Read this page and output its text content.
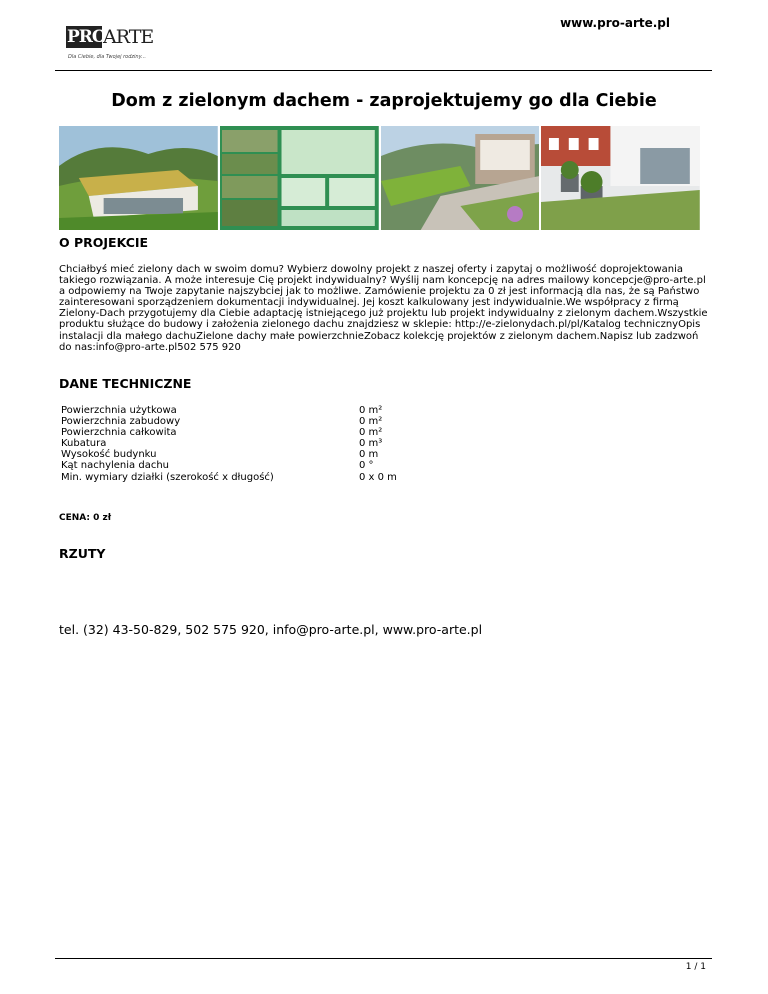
PRO
ARTE
Dla Ciebie, dla Twojej rodziny...
www.pro-arte.pl
Dom z zielonym dachem - zaprojektujemy go dla Ciebie
O PROJEKCIE
Chciałbyś mieć zielony dach w swoim domu? Wybierz dowolny projekt z naszej oferty i zapytaj o możliwość doprojektowania takiego rozwiązania. A może interesuje Cię projekt indywidualny? Wyślij nam koncepcję na adres mailowy koncepcje@pro-arte.pl a odpowiemy na Twoje zapytanie najszybciej jak to możliwe. Zamówienie projektu za 0 zł jest informacją dla nas, że są Państwo zainteresowani sporządzeniem dokumentacji indywidualnej. Jej koszt kalkulowany jest indywidualnie.We współpracy z firmą Zielony-Dach przygotujemy dla Ciebie adaptację istniejącego już projektu lub projekt indywidualny z zielonym dachem.Wszystkie produktu służące do budowy i założenia zielonego dachu znajdziesz w sklepie: http://e-zielonydach.pl/pl/Katalog technicznyOpis instalacji dla małego dachuZielone dachy małe powierzchnieZobacz kolekcję projektów z zielonym dachem.Napisz lub zadzwoń do nas:info@pro-arte.pl502 575 920
DANE TECHNICZNE
Powierzchnia użytkowa	0 m²
Powierzchnia zabudowy	0 m²
Powierzchnia całkowita	0 m²
Kubatura	0 m³
Wysokość budynku	0 m
Kąt nachylenia dachu	0 °
Min. wymiary działki (szerokość x długość)	0 x 0 m
CENA: 0 zł
RZUTY
tel. (32) 43-50-829, 502 575 920, info@pro-arte.pl, www.pro-arte.pl
1 / 1
